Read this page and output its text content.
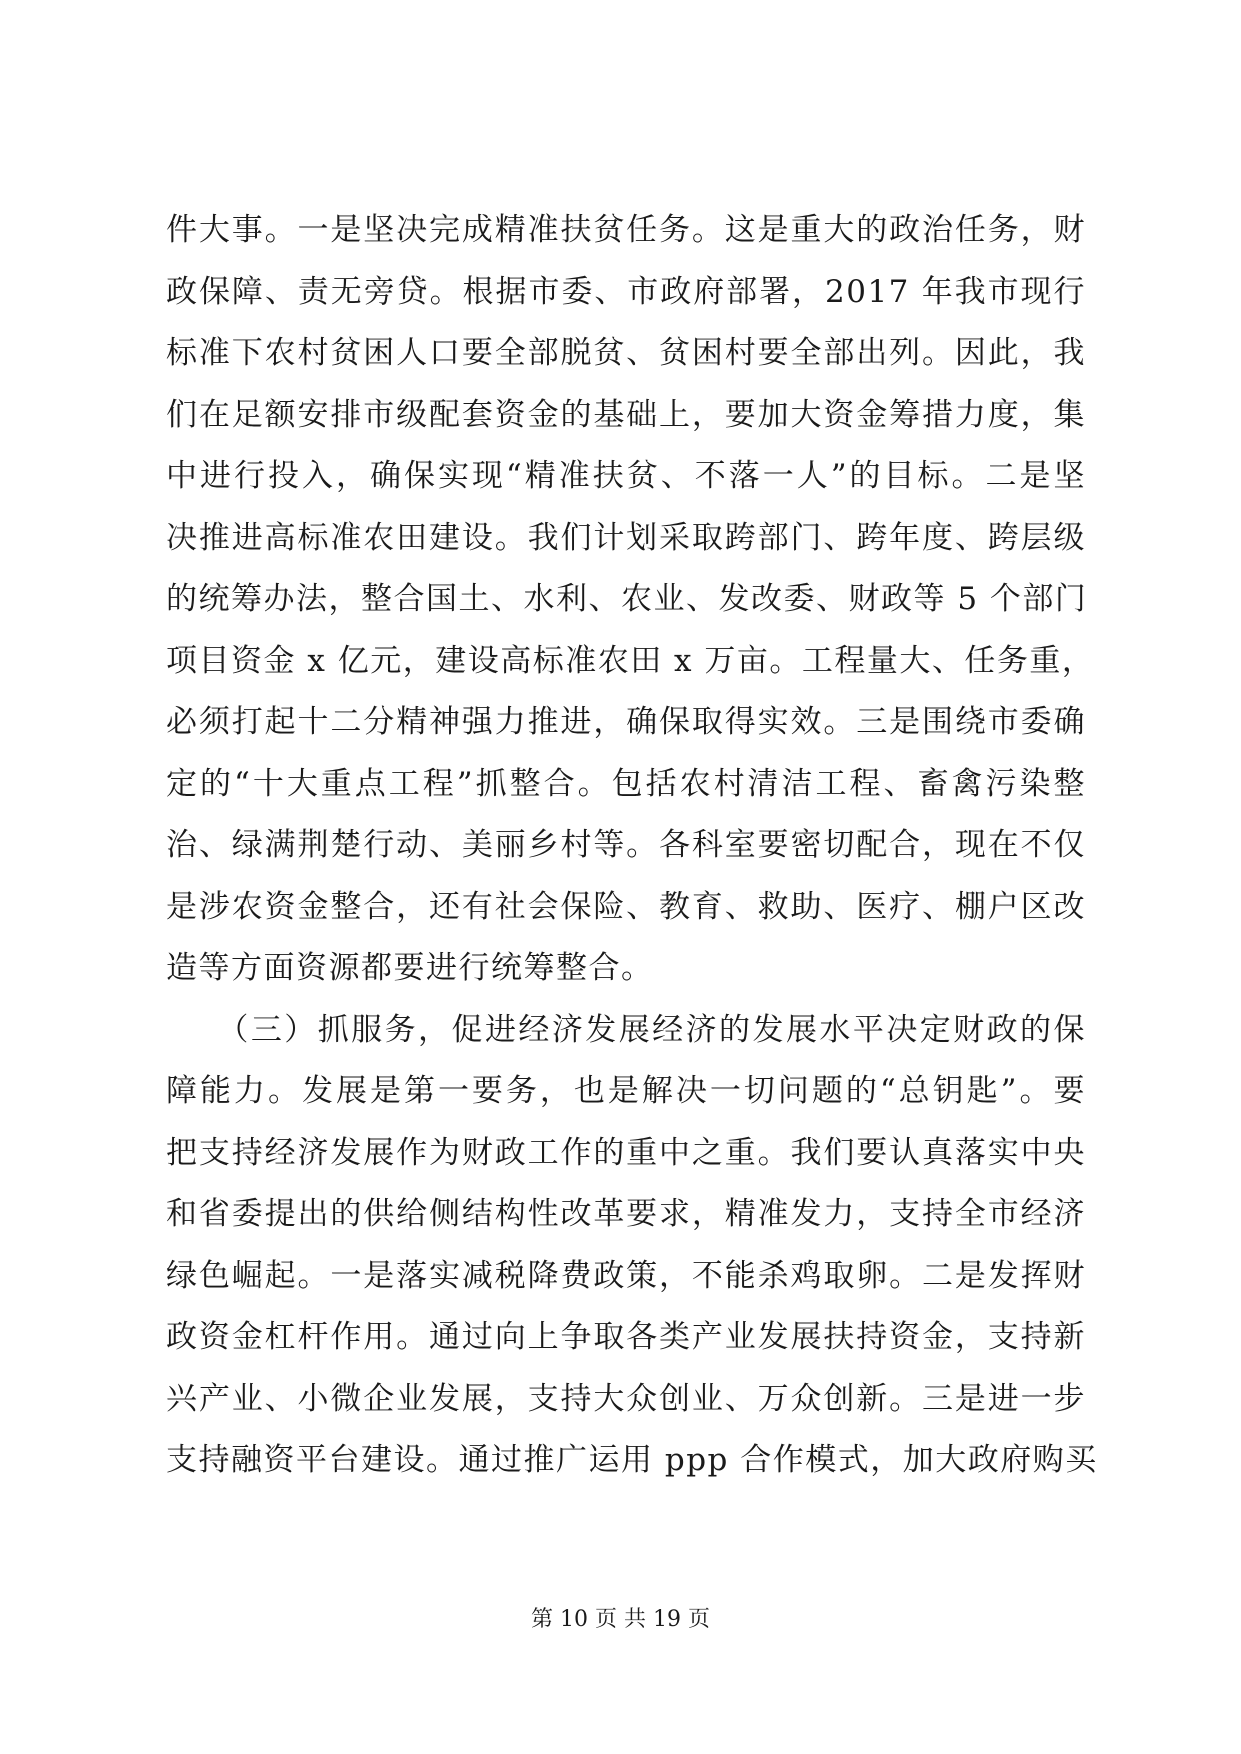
件大事。一是坚决完成精准扶贫任务。这是重大的政治任务，财
政保障、责无旁贷。根据市委、市政府部署，2017 年我市现行
标准下农村贫困人口要全部脱贫、贫困村要全部出列。因此，我
们在足额安排市级配套资金的基础上，要加大资金筹措力度，集
中进行投入，确保实现“精准扶贫、不落一人”的目标。二是坚
决推进高标准农田建设。我们计划采取跨部门、跨年度、跨层级
的统筹办法，整合国土、水利、农业、发改委、财政等 5 个部门
项目资金 x 亿元，建设高标准农田 x 万亩。工程量大、任务重，
必须打起十二分精神强力推进，确保取得实效。三是围绕市委确
定的“十大重点工程”抓整合。包括农村清洁工程、畜禽污染整
治、绿满荆楚行动、美丽乡村等。各科室要密切配合，现在不仅
是涉农资金整合，还有社会保险、教育、救助、医疗、棚户区改
造等方面资源都要进行统筹整合。
　　（三）抓服务，促进经济发展经济的发展水平决定财政的保
障能力。发展是第一要务，也是解决一切问题的“总钥匙”。要
把支持经济发展作为财政工作的重中之重。我们要认真落实中央
和省委提出的供给侧结构性改革要求，精准发力，支持全市经济
绿色崛起。一是落实减税降费政策，不能杀鸡取卵。二是发挥财
政资金杠杆作用。通过向上争取各类产业发展扶持资金，支持新
兴产业、小微企业发展，支持大众创业、万众创新。三是进一步
支持融资平台建设。通过推广运用 ppp 合作模式，加大政府购买
第 10 页 共 19 页
